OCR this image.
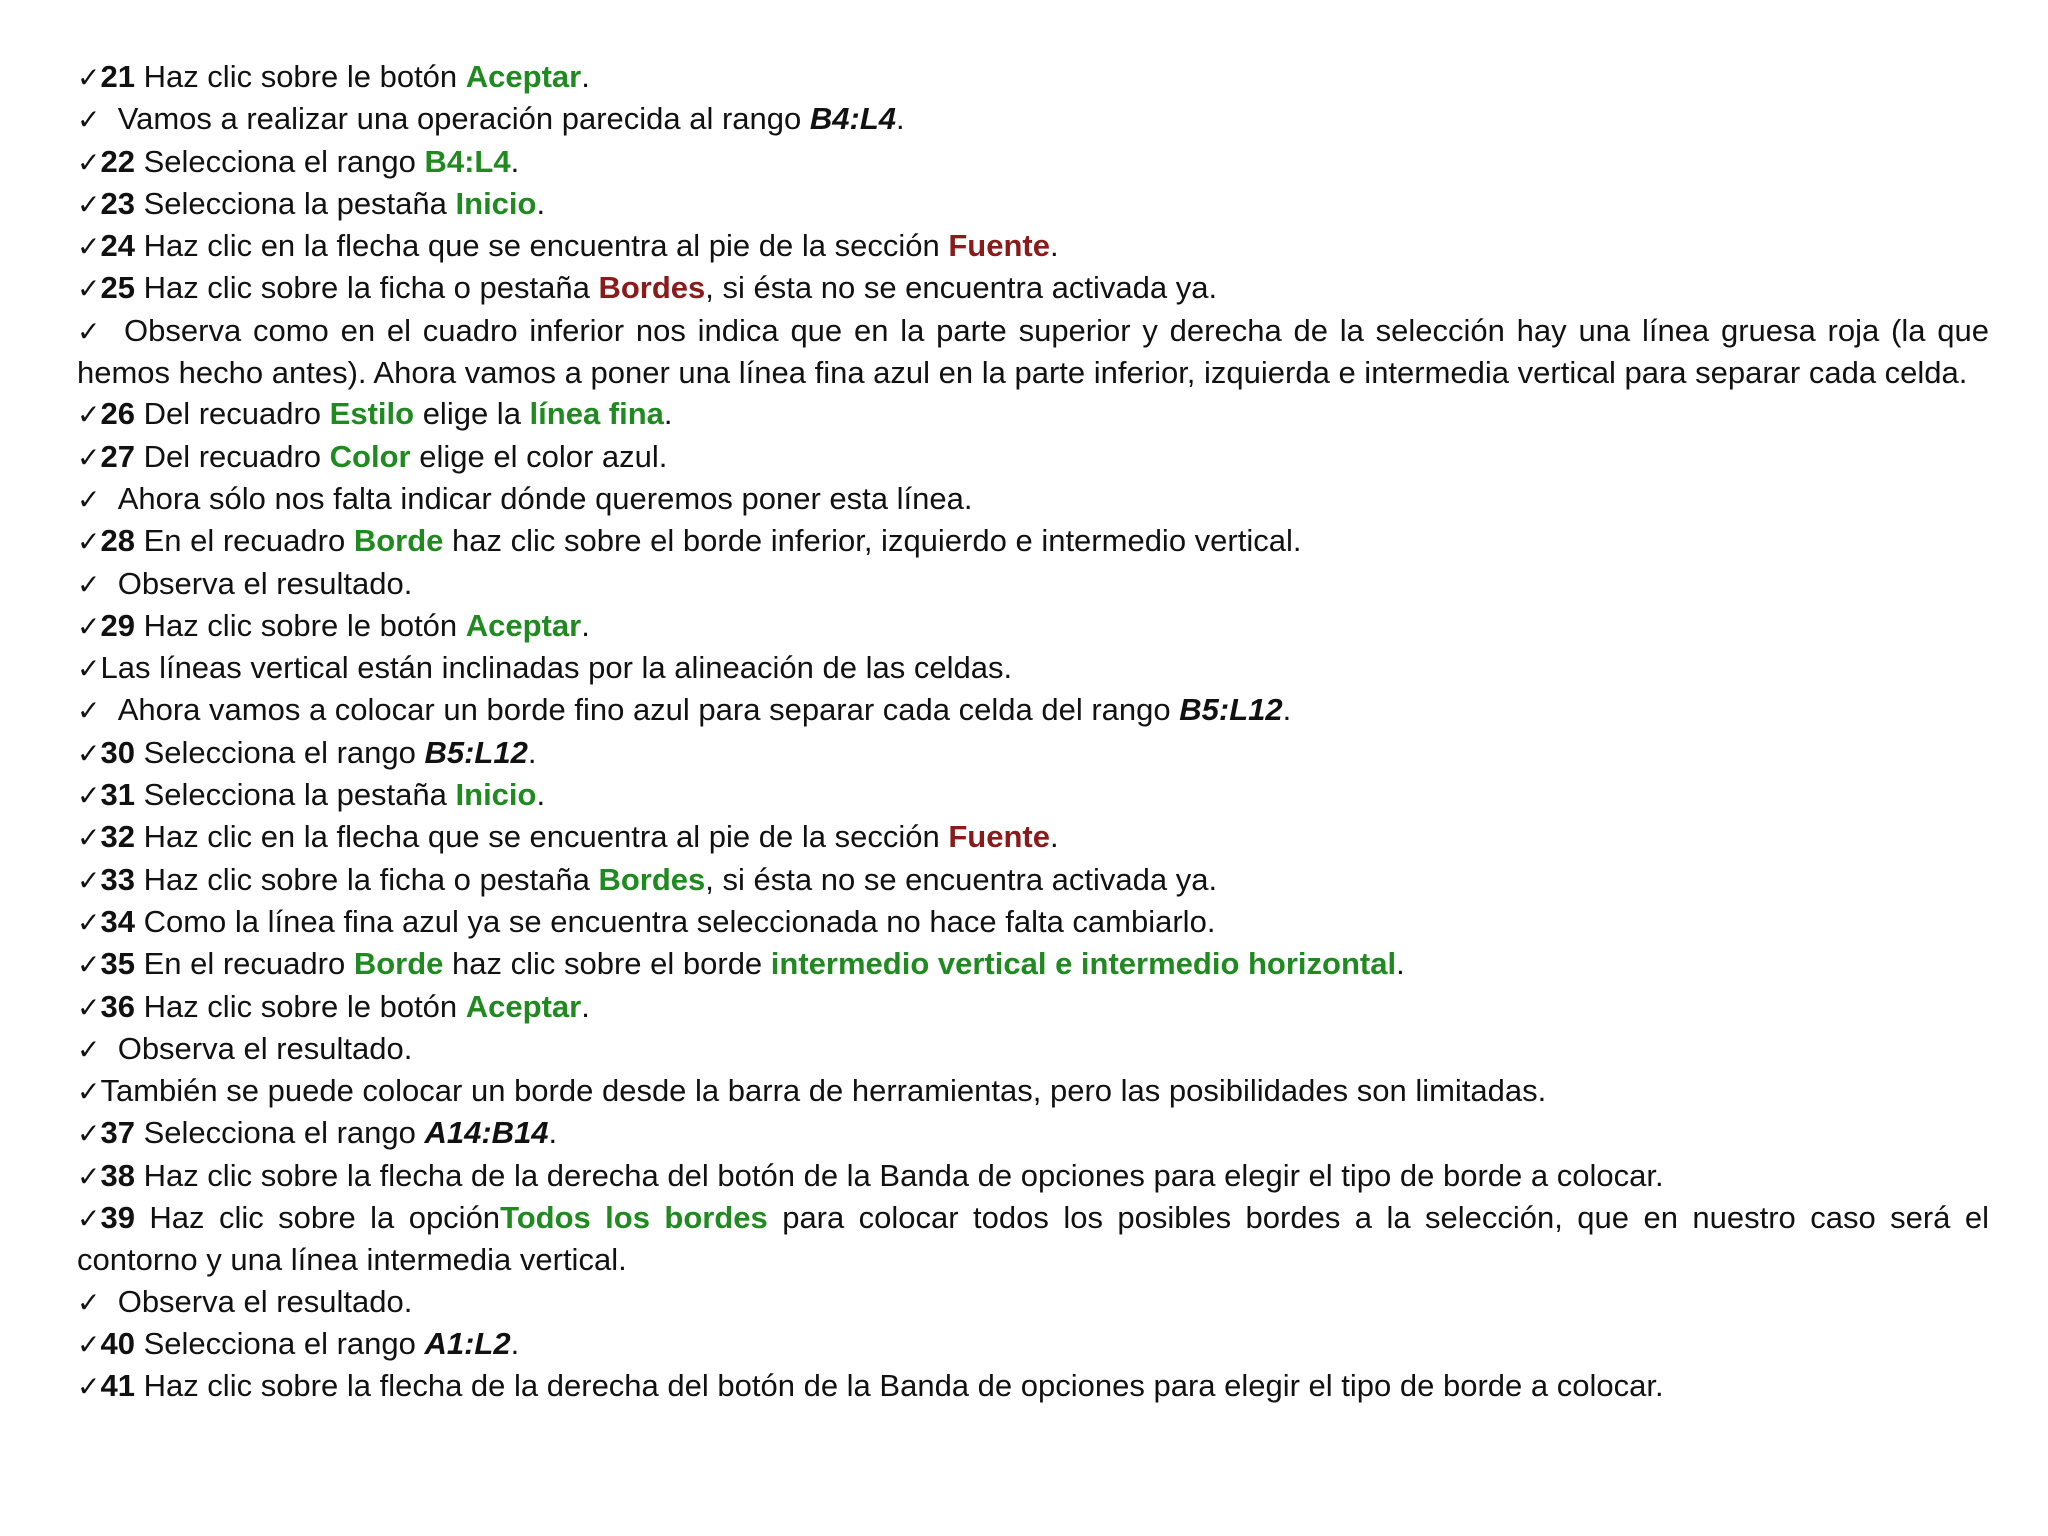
✓21 Haz clic sobre le botón Aceptar.
✓ Vamos a realizar una operación parecida al rango B4:L4.
✓22 Selecciona el rango B4:L4.
✓23 Selecciona la pestaña Inicio.
✓24 Haz clic en la flecha que se encuentra al pie de la sección Fuente.
✓25 Haz clic sobre la ficha o pestaña Bordes, si ésta no se encuentra activada ya.
✓ Observa como en el cuadro inferior nos indica que en la parte superior y derecha de la selección hay una línea gruesa roja (la que hemos hecho antes). Ahora vamos a poner una línea fina azul en la parte inferior, izquierda e intermedia vertical para separar cada celda.
✓26 Del recuadro Estilo elige la línea fina.
✓27 Del recuadro Color elige el color azul.
✓ Ahora sólo nos falta indicar dónde queremos poner esta línea.
✓28 En el recuadro Borde haz clic sobre el borde inferior, izquierdo e intermedio vertical.
✓ Observa el resultado.
✓29 Haz clic sobre le botón Aceptar.
✓Las líneas vertical están inclinadas por la alineación de las celdas.
✓ Ahora vamos a colocar un borde fino azul para separar cada celda del rango B5:L12.
✓30 Selecciona el rango B5:L12.
✓31 Selecciona la pestaña Inicio.
✓32 Haz clic en la flecha que se encuentra al pie de la sección Fuente.
✓33 Haz clic sobre la ficha o pestaña Bordes, si ésta no se encuentra activada ya.
✓34 Como la línea fina azul ya se encuentra seleccionada no hace falta cambiarlo.
✓35 En el recuadro Borde haz clic sobre el borde intermedio vertical e intermedio horizontal.
✓36 Haz clic sobre le botón Aceptar.
✓ Observa el resultado.
✓También se puede colocar un borde desde la barra de herramientas, pero las posibilidades son limitadas.
✓37 Selecciona el rango A14:B14.
✓38 Haz clic sobre la flecha de la derecha del botón de la Banda de opciones para elegir el tipo de borde a colocar.
✓39 Haz clic sobre la opciónTodos los bordes para colocar todos los posibles bordes a la selección, que en nuestro caso será el contorno y una línea intermedia vertical.
✓ Observa el resultado.
✓40 Selecciona el rango A1:L2.
✓41 Haz clic sobre la flecha de la derecha del botón de la Banda de opciones para elegir el tipo de borde a colocar.
